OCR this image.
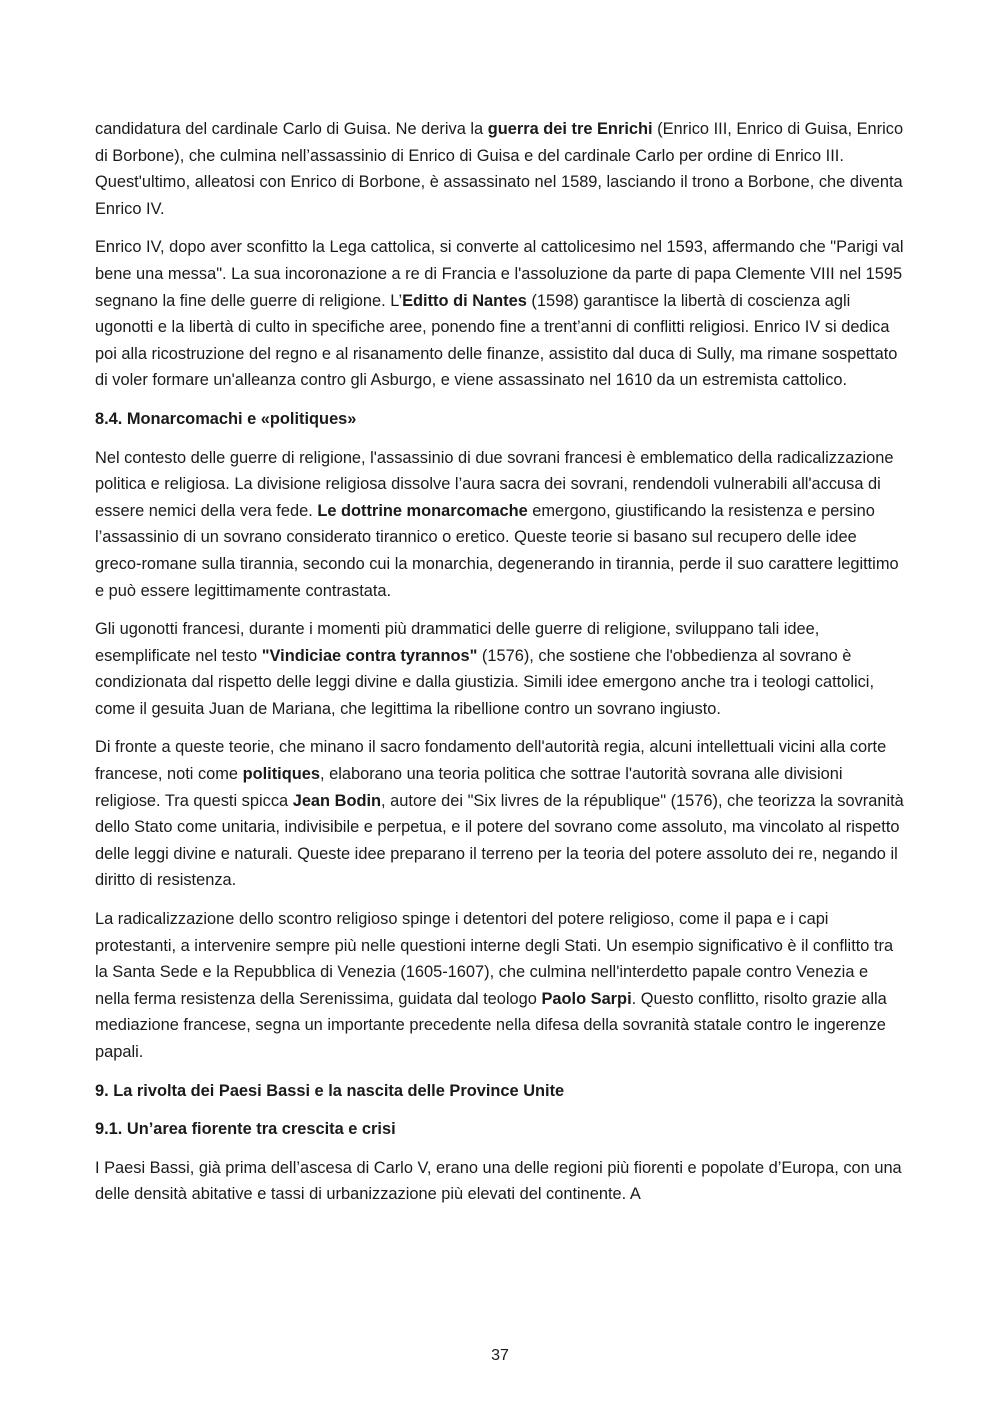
candidatura del cardinale Carlo di Guisa. Ne deriva la guerra dei tre Enrichi (Enrico III, Enrico di Guisa, Enrico di Borbone), che culmina nell’assassinio di Enrico di Guisa e del cardinale Carlo per ordine di Enrico III. Quest'ultimo, alleatosi con Enrico di Borbone, è assassinato nel 1589, lasciando il trono a Borbone, che diventa Enrico IV.

Enrico IV, dopo aver sconfitto la Lega cattolica, si converte al cattolicesimo nel 1593, affermando che "Parigi val bene una messa". La sua incoronazione a re di Francia e l'assoluzione da parte di papa Clemente VIII nel 1595 segnano la fine delle guerre di religione. L’Editto di Nantes (1598) garantisce la libertà di coscienza agli ugonotti e la libertà di culto in specifiche aree, ponendo fine a trent’anni di conflitti religiosi. Enrico IV si dedica poi alla ricostruzione del regno e al risanamento delle finanze, assistito dal duca di Sully, ma rimane sospettato di voler formare un'alleanza contro gli Asburgo, e viene assassinato nel 1610 da un estremista cattolico.

8.4. Monarcomachi e «politiques»

Nel contesto delle guerre di religione, l'assassinio di due sovrani francesi è emblematico della radicalizzazione politica e religiosa. La divisione religiosa dissolve l’aura sacra dei sovrani, rendendoli vulnerabili all'accusa di essere nemici della vera fede. Le dottrine monarcomache emergono, giustificando la resistenza e persino l’assassinio di un sovrano considerato tirannico o eretico. Queste teorie si basano sul recupero delle idee greco-romane sulla tirannia, secondo cui la monarchia, degenerando in tirannia, perde il suo carattere legittimo e può essere legittimamente contrastata.

Gli ugonotti francesi, durante i momenti più drammatici delle guerre di religione, sviluppano tali idee, esemplificate nel testo "Vindiciae contra tyrannos" (1576), che sostiene che l'obbedienza al sovrano è condizionata dal rispetto delle leggi divine e dalla giustizia. Simili idee emergono anche tra i teologi cattolici, come il gesuita Juan de Mariana, che legittima la ribellione contro un sovrano ingiusto.

Di fronte a queste teorie, che minano il sacro fondamento dell'autorità regia, alcuni intellettuali vicini alla corte francese, noti come politiques, elaborano una teoria politica che sottrae l'autorità sovrana alle divisioni religiose. Tra questi spicca Jean Bodin, autore dei "Six livres de la république" (1576), che teorizza la sovranità dello Stato come unitaria, indivisibile e perpetua, e il potere del sovrano come assoluto, ma vincolato al rispetto delle leggi divine e naturali. Queste idee preparano il terreno per la teoria del potere assoluto dei re, negando il diritto di resistenza.

La radicalizzazione dello scontro religioso spinge i detentori del potere religioso, come il papa e i capi protestanti, a intervenire sempre più nelle questioni interne degli Stati. Un esempio significativo è il conflitto tra la Santa Sede e la Repubblica di Venezia (1605-1607), che culmina nell'interdetto papale contro Venezia e nella ferma resistenza della Serenissima, guidata dal teologo Paolo Sarpi. Questo conflitto, risolto grazie alla mediazione francese, segna un importante precedente nella difesa della sovranità statale contro le ingerenze papali.

9. La rivolta dei Paesi Bassi e la nascita delle Province Unite
9.1. Un’area fiorente tra crescita e crisi

I Paesi Bassi, già prima dell’ascesa di Carlo V, erano una delle regioni più fiorenti e popolate d’Europa, con una delle densità abitative e tassi di urbanizzazione più elevati del continente. A

37
